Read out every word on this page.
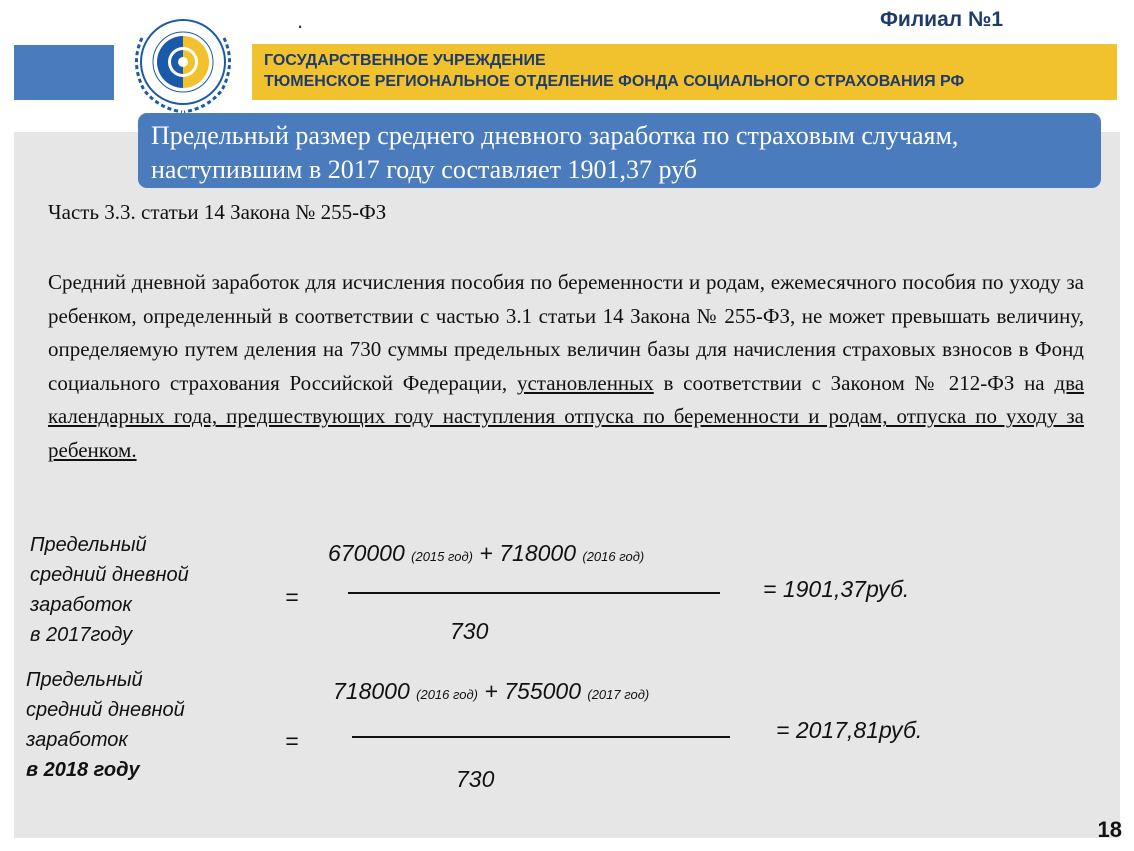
.	Филиал №1
ГОСУДАРСТВЕННОЕ УЧРЕЖДЕНИЕ
ТЮМЕНСКОЕ РЕГИОНАЛЬНОЕ ОТДЕЛЕНИЕ ФОНДА СОЦИАЛЬНОГО СТРАХОВАНИЯ РФ
Предельный размер среднего дневного заработка по страховым случаям, наступившим в 2017 году составляет 1901,37 руб
Часть 3.3. статьи 14 Закона № 255-ФЗ
Средний дневной заработок для исчисления пособия по беременности и родам, ежемесячного пособия по уходу за ребенком, определенный в соответствии с частью 3.1 статьи 14 Закона № 255-ФЗ, не может превышать величину, определяемую путем деления на 730 суммы предельных величин базы для начисления страховых взносов в Фонд социального страхования Российской Федерации, установленных в соответствии с Законом № 212-ФЗ на два календарных года, предшествующих году наступления отпуска по беременности и родам, отпуска по уходу за ребенком.
Предельный
средний дневной
заработок
в 2017году
=
670000 (2015 год) + 718000 (2016 год)
730
= 1901,37руб.
Предельный
средний дневной
заработок
в 2018 году
=
718000 (2016 год) + 755000 (2017 год)
730
= 2017,81руб.
18
